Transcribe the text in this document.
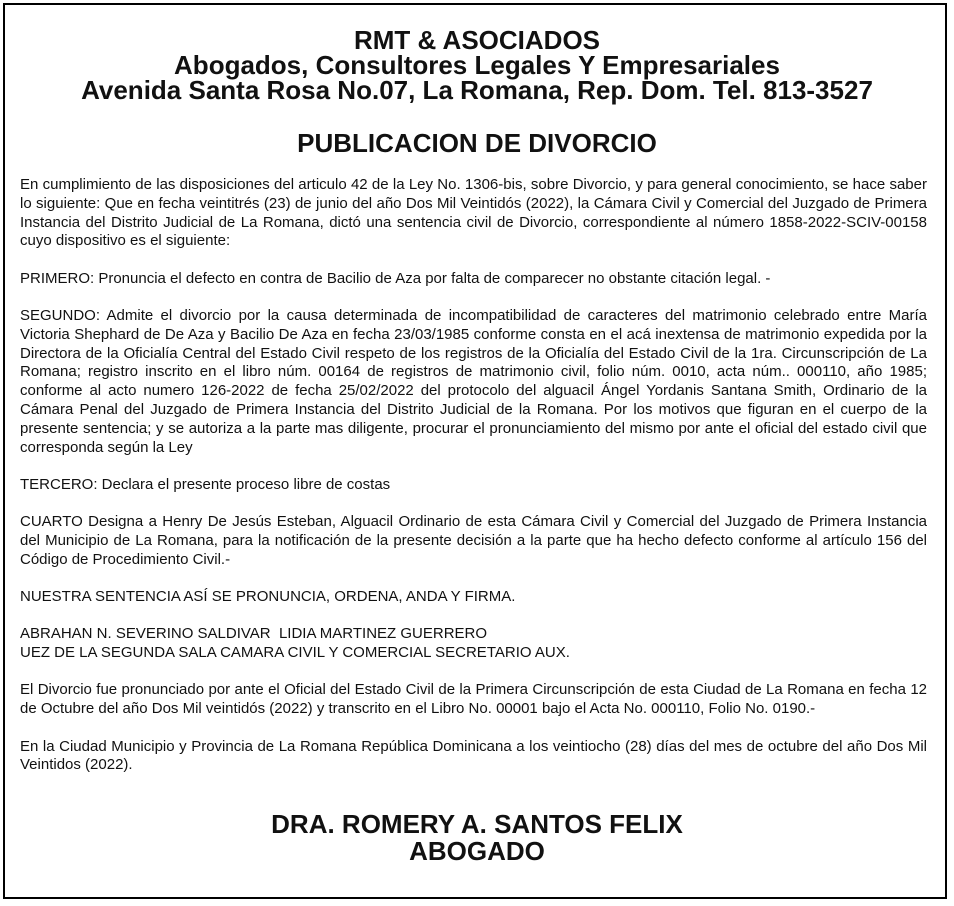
RMT & ASOCIADOS
Abogados, Consultores Legales Y Empresariales
Avenida Santa Rosa No.07, La Romana, Rep. Dom. Tel. 813-3527
PUBLICACION DE DIVORCIO

En cumplimiento de las disposiciones del articulo 42 de la Ley No. 1306-bis, sobre Divorcio, y para general conocimiento, se hace saber lo siguiente: Que en fecha veintitrés (23) de junio del año Dos Mil Veintidós (2022), la Cámara Civil y Comercial del Juzgado de Primera Instancia del Distrito Judicial de La Romana, dictó una sentencia civil de Divorcio, correspondiente al número 1858-2022-SCIV-00158 cuyo dispositivo es el siguiente:

PRIMERO: Pronuncia el defecto en contra de Bacilio de Aza por falta de comparecer no obstante citación legal. -

SEGUNDO: Admite el divorcio por la causa determinada de incompatibilidad de caracteres del matrimonio celebrado entre María Victoria Shephard de De Aza y Bacilio De Aza en fecha 23/03/1985 conforme consta en el acá inextensa de matrimonio expedida por la Directora de la Oficialía Central del Estado Civil respeto de los registros de la Oficialía del Estado Civil de la 1ra. Circunscripción de La Romana; registro inscrito en el libro núm. 00164 de registros de matrimonio civil, folio núm. 0010, acta núm.. 000110, año 1985; conforme al acto numero 126-2022 de fecha 25/02/2022 del protocolo del alguacil Ángel Yordanis Santana Smith, Ordinario de la Cámara Penal del Juzgado de Primera Instancia del Distrito Judicial de la Romana. Por los motivos que figuran en el cuerpo de la presente sentencia; y se autoriza a la parte mas diligente, procurar el pronunciamiento del mismo por ante el oficial del estado civil que corresponda según la Ley

TERCERO: Declara el presente proceso libre de costas

CUARTO Designa a Henry De Jesús Esteban, Alguacil Ordinario de esta Cámara Civil y Comercial del Juzgado de Primera Instancia del Municipio de La Romana, para la notificación de la presente decisión a la parte que ha hecho defecto conforme al artículo 156 del Código de Procedimiento Civil.-

NUESTRA SENTENCIA ASÍ SE PRONUNCIA, ORDENA, ANDA Y FIRMA.

ABRAHAN N. SEVERINO SALDIVAR  LIDIA MARTINEZ GUERRERO

UEZ DE LA SEGUNDA SALA CAMARA CIVIL Y COMERCIAL SECRETARIO AUX.

El Divorcio fue pronunciado por ante el Oficial del Estado Civil de la Primera Circunscripción de esta Ciudad de La Romana en fecha 12 de Octubre del año Dos Mil veintidós (2022) y transcrito en el Libro No. 00001 bajo el Acta No. 000110, Folio No. 0190.-

En la Ciudad Municipio y Provincia de La Romana República Dominicana a los veintiocho (28) días del mes de octubre del año Dos Mil Veintidos (2022).

DRA. ROMERY A. SANTOS FELIX
ABOGADO
